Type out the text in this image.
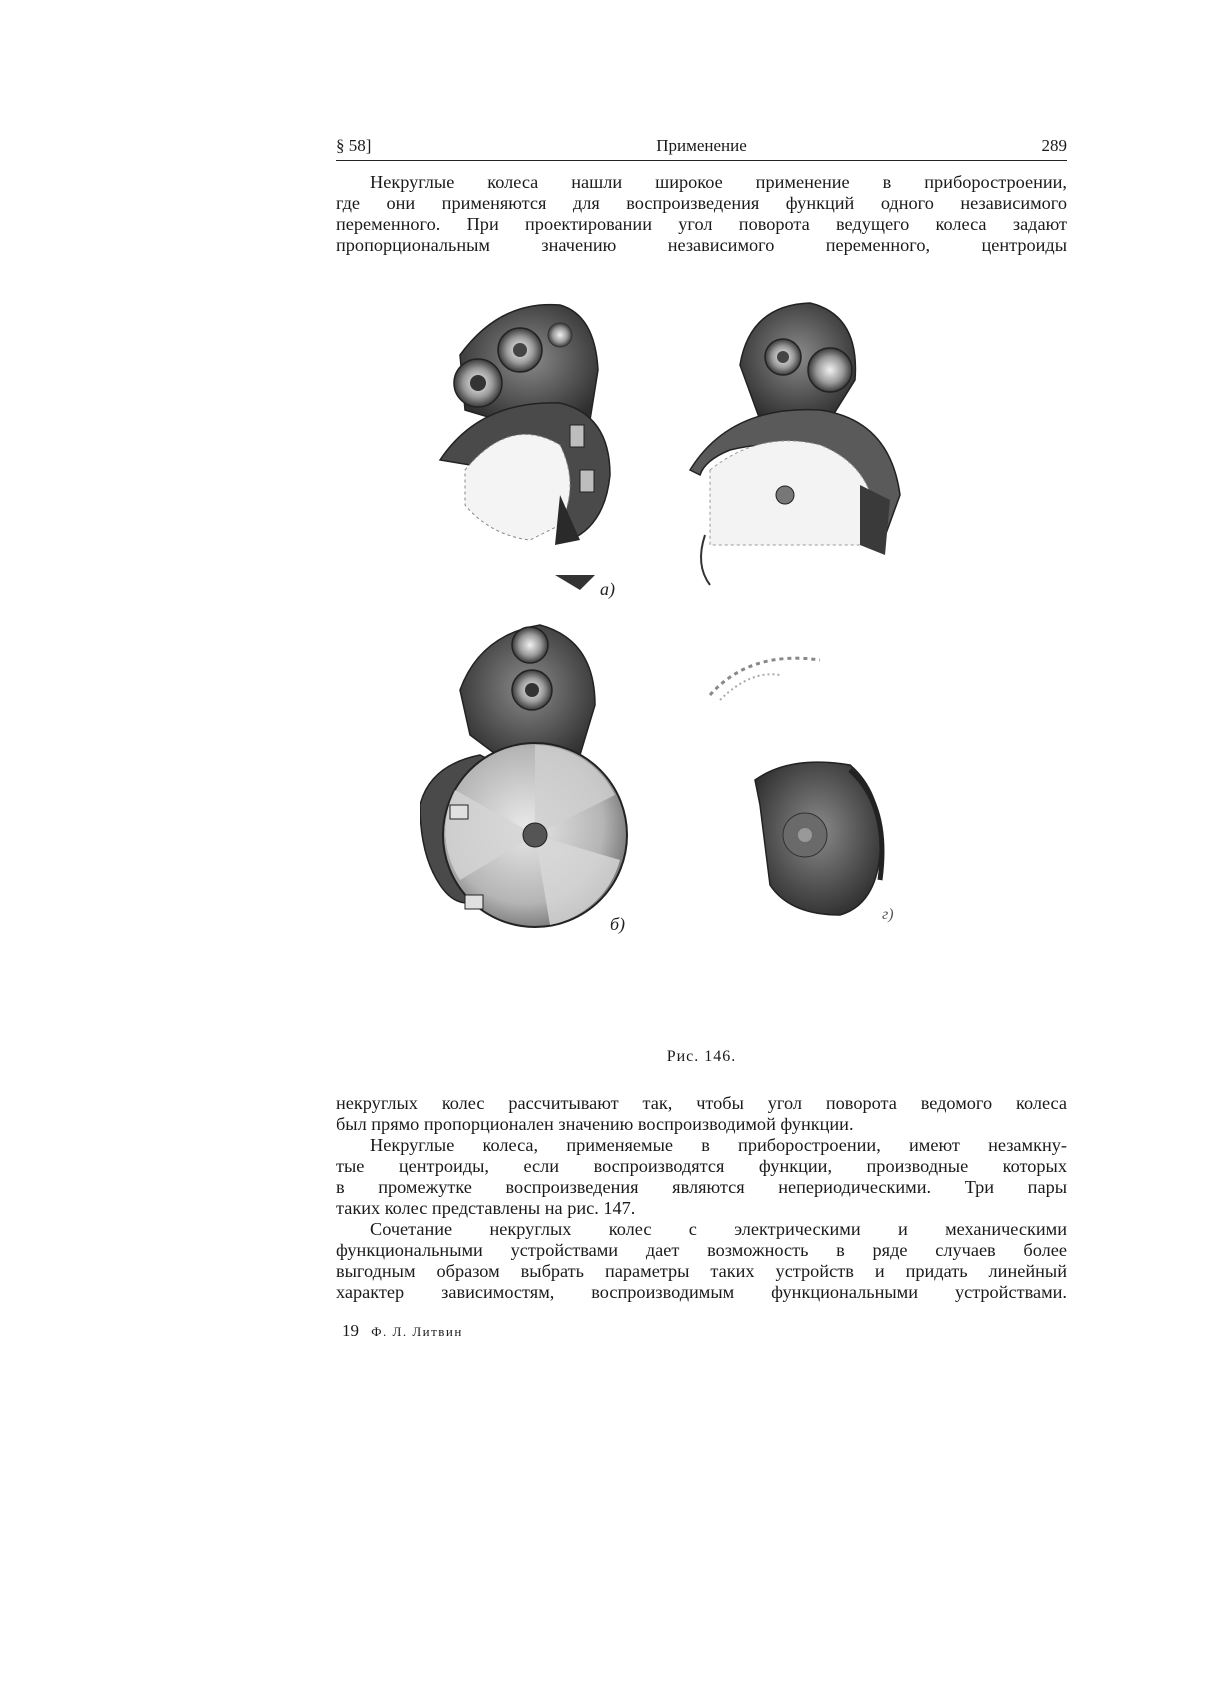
§ 58]	Применение	289

Некруглые колеса нашли широкое применение в приборостроении,
где они применяются для воспроизведения функций одного независимого
переменного. При проектировании угол поворота ведущего колеса задают
пропорциональным значению независимого переменного, центроиды

а)
б)	г)
Рис. 146.

некруглых колес рассчитывают так, чтобы угол поворота ведомого колеса
был прямо пропорционален значению воспроизводимой функции.

Некруглые колеса, применяемые в приборостроении, имеют незамкну-
тые центроиды, если воспроизводятся функции, производные которых
в промежутке воспроизведения являются непериодическими. Три пары
таких колес представлены на рис. 147.

Сочетание некруглых колес с электрическими и механическими
функциональными устройствами дает возможность в ряде случаев более
выгодным образом выбрать параметры таких устройств и придать линейный
характер зависимостям, воспроизводимым функциональными устройствами.

19 Ф. Л. Литвин
